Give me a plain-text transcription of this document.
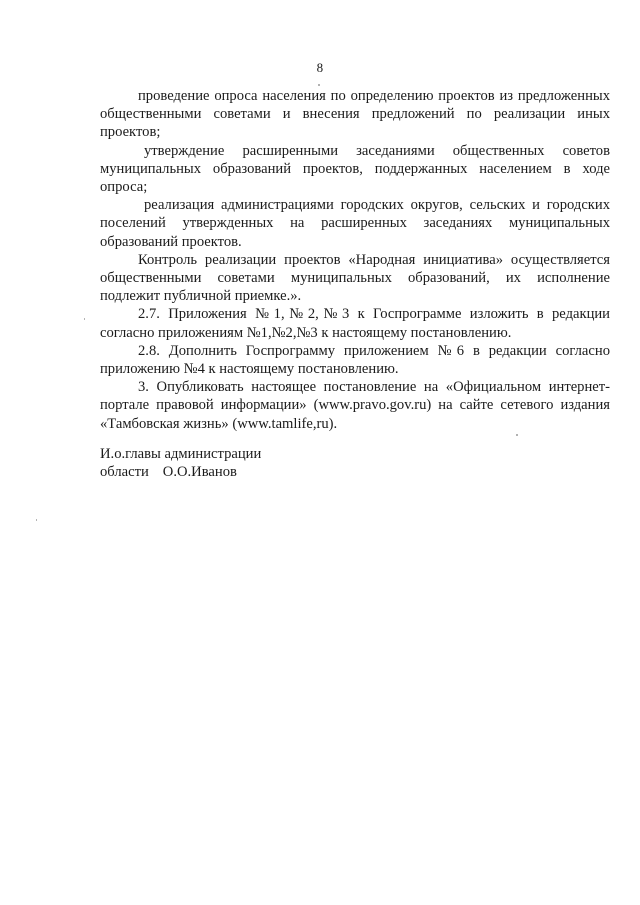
8

проведение опроса населения по определению проектов из предложенных общественными советами и внесения предложений по реализации иных проектов;

утверждение расширенными заседаниями общественных советов муниципальных образований проектов, поддержанных населением в ходе опроса;

реализация администрациями городских округов, сельских и городских поселений утвержденных на расширенных заседаниях муниципальных образований проектов.

Контроль реализации проектов «Народная инициатива» осуществляется общественными советами муниципальных образований, их исполнение подлежит публичной приемке.».

2.7. Приложения №1,№2,№3 к Госпрограмме изложить в редакции согласно приложениям №1,№2,№3 к настоящему постановлению.

2.8. Дополнить Госпрограмму приложением №6 в редакции согласно приложению №4 к настоящему постановлению.

3. Опубликовать настоящее постановление на «Официальном интернет-портале правовой информации» (www.pravo.gov.ru) на сайте сетевого издания «Тамбовская жизнь» (www.tamlife,ru).

И.о.главы администрации
области О.О.Иванов
